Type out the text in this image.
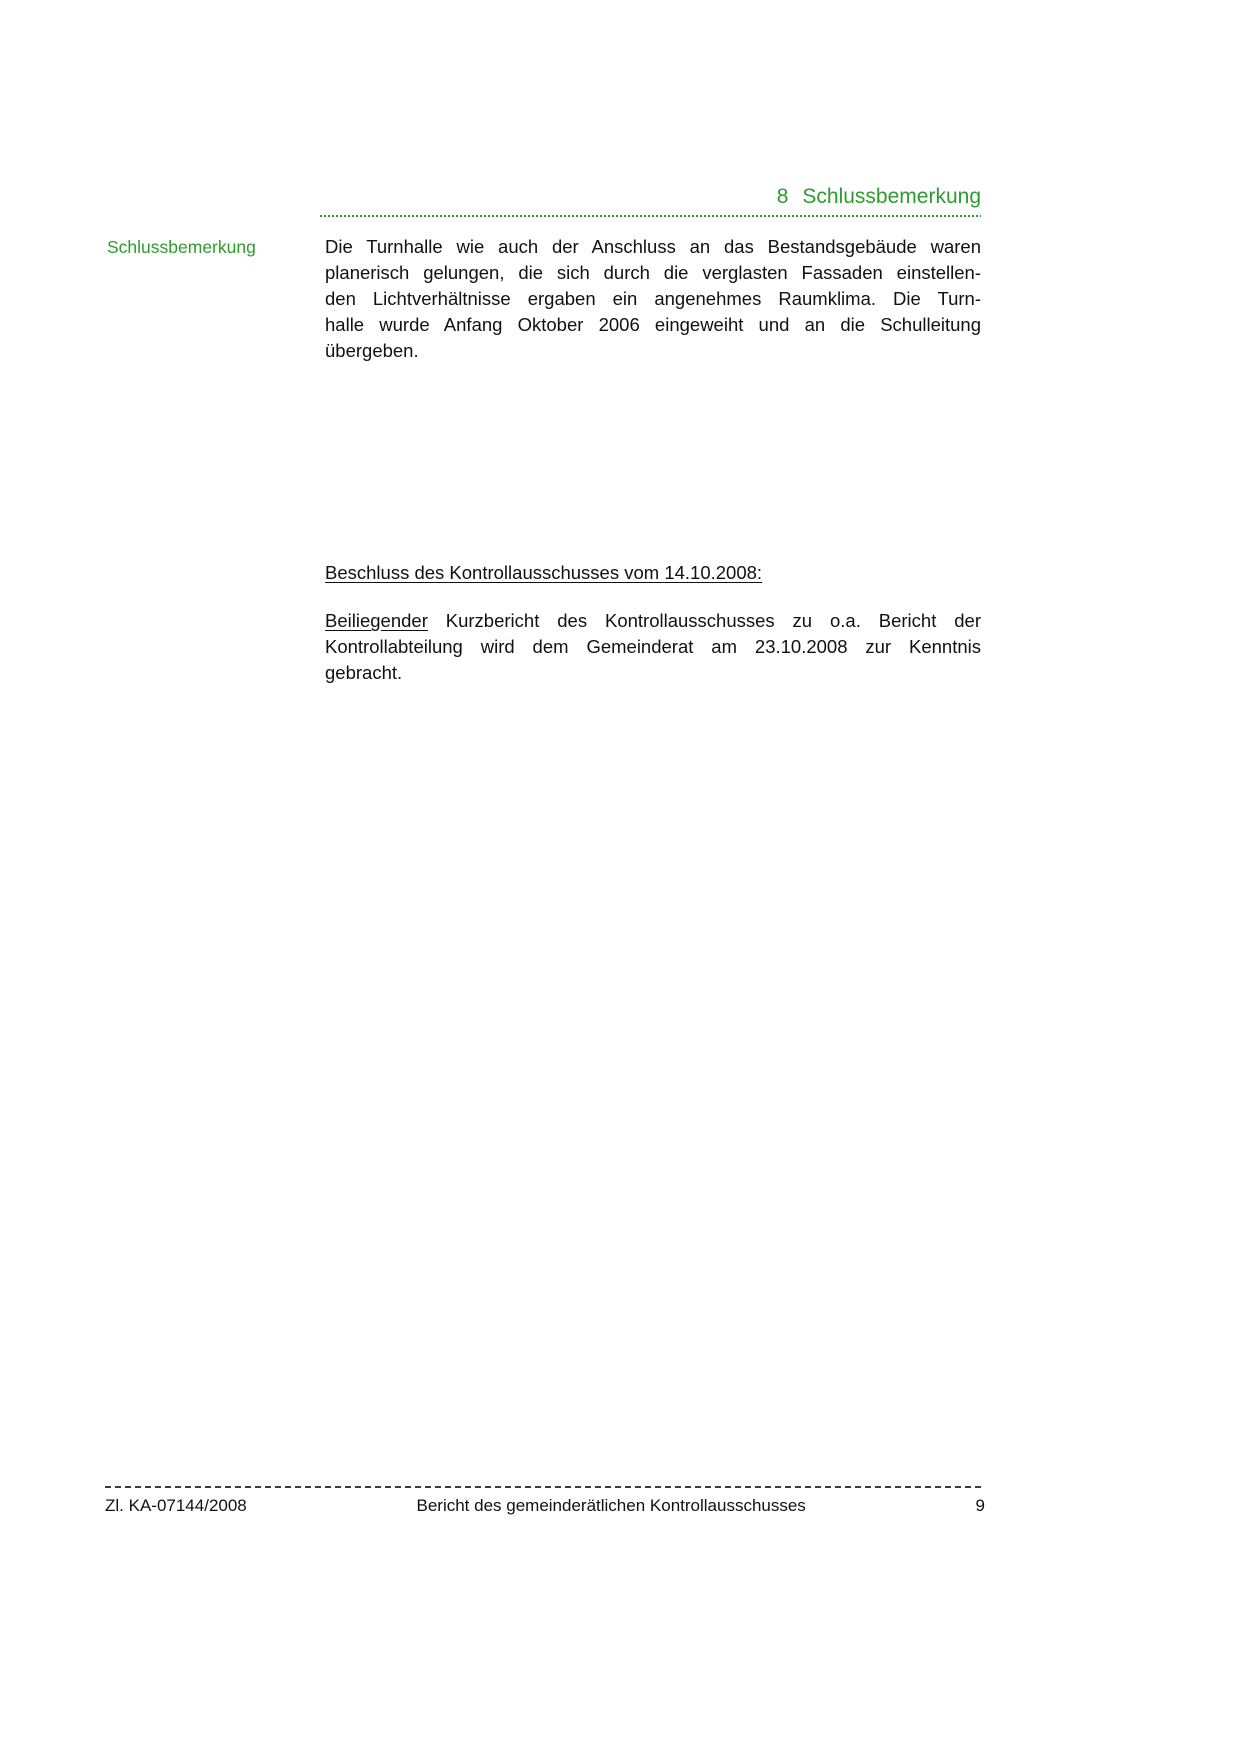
8 Schlussbemerkung
Schlussbemerkung	Die Turnhalle wie auch der Anschluss an das Bestandsgebäude waren
planerisch gelungen, die sich durch die verglasten Fassaden einstellen-
den Lichtverhältnisse ergaben ein angenehmes Raumklima. Die Turn-
halle wurde Anfang Oktober 2006 eingeweiht und an die Schulleitung
übergeben.
Beschluss des Kontrollausschusses vom 14.10.2008:
Beiliegender Kurzbericht des Kontrollausschusses zu o.a. Bericht der
Kontrollabteilung wird dem Gemeinderat am 23.10.2008 zur Kenntnis
gebracht.
Zl. KA-07144/2008	Bericht des gemeinderätlichen Kontrollausschusses	9
